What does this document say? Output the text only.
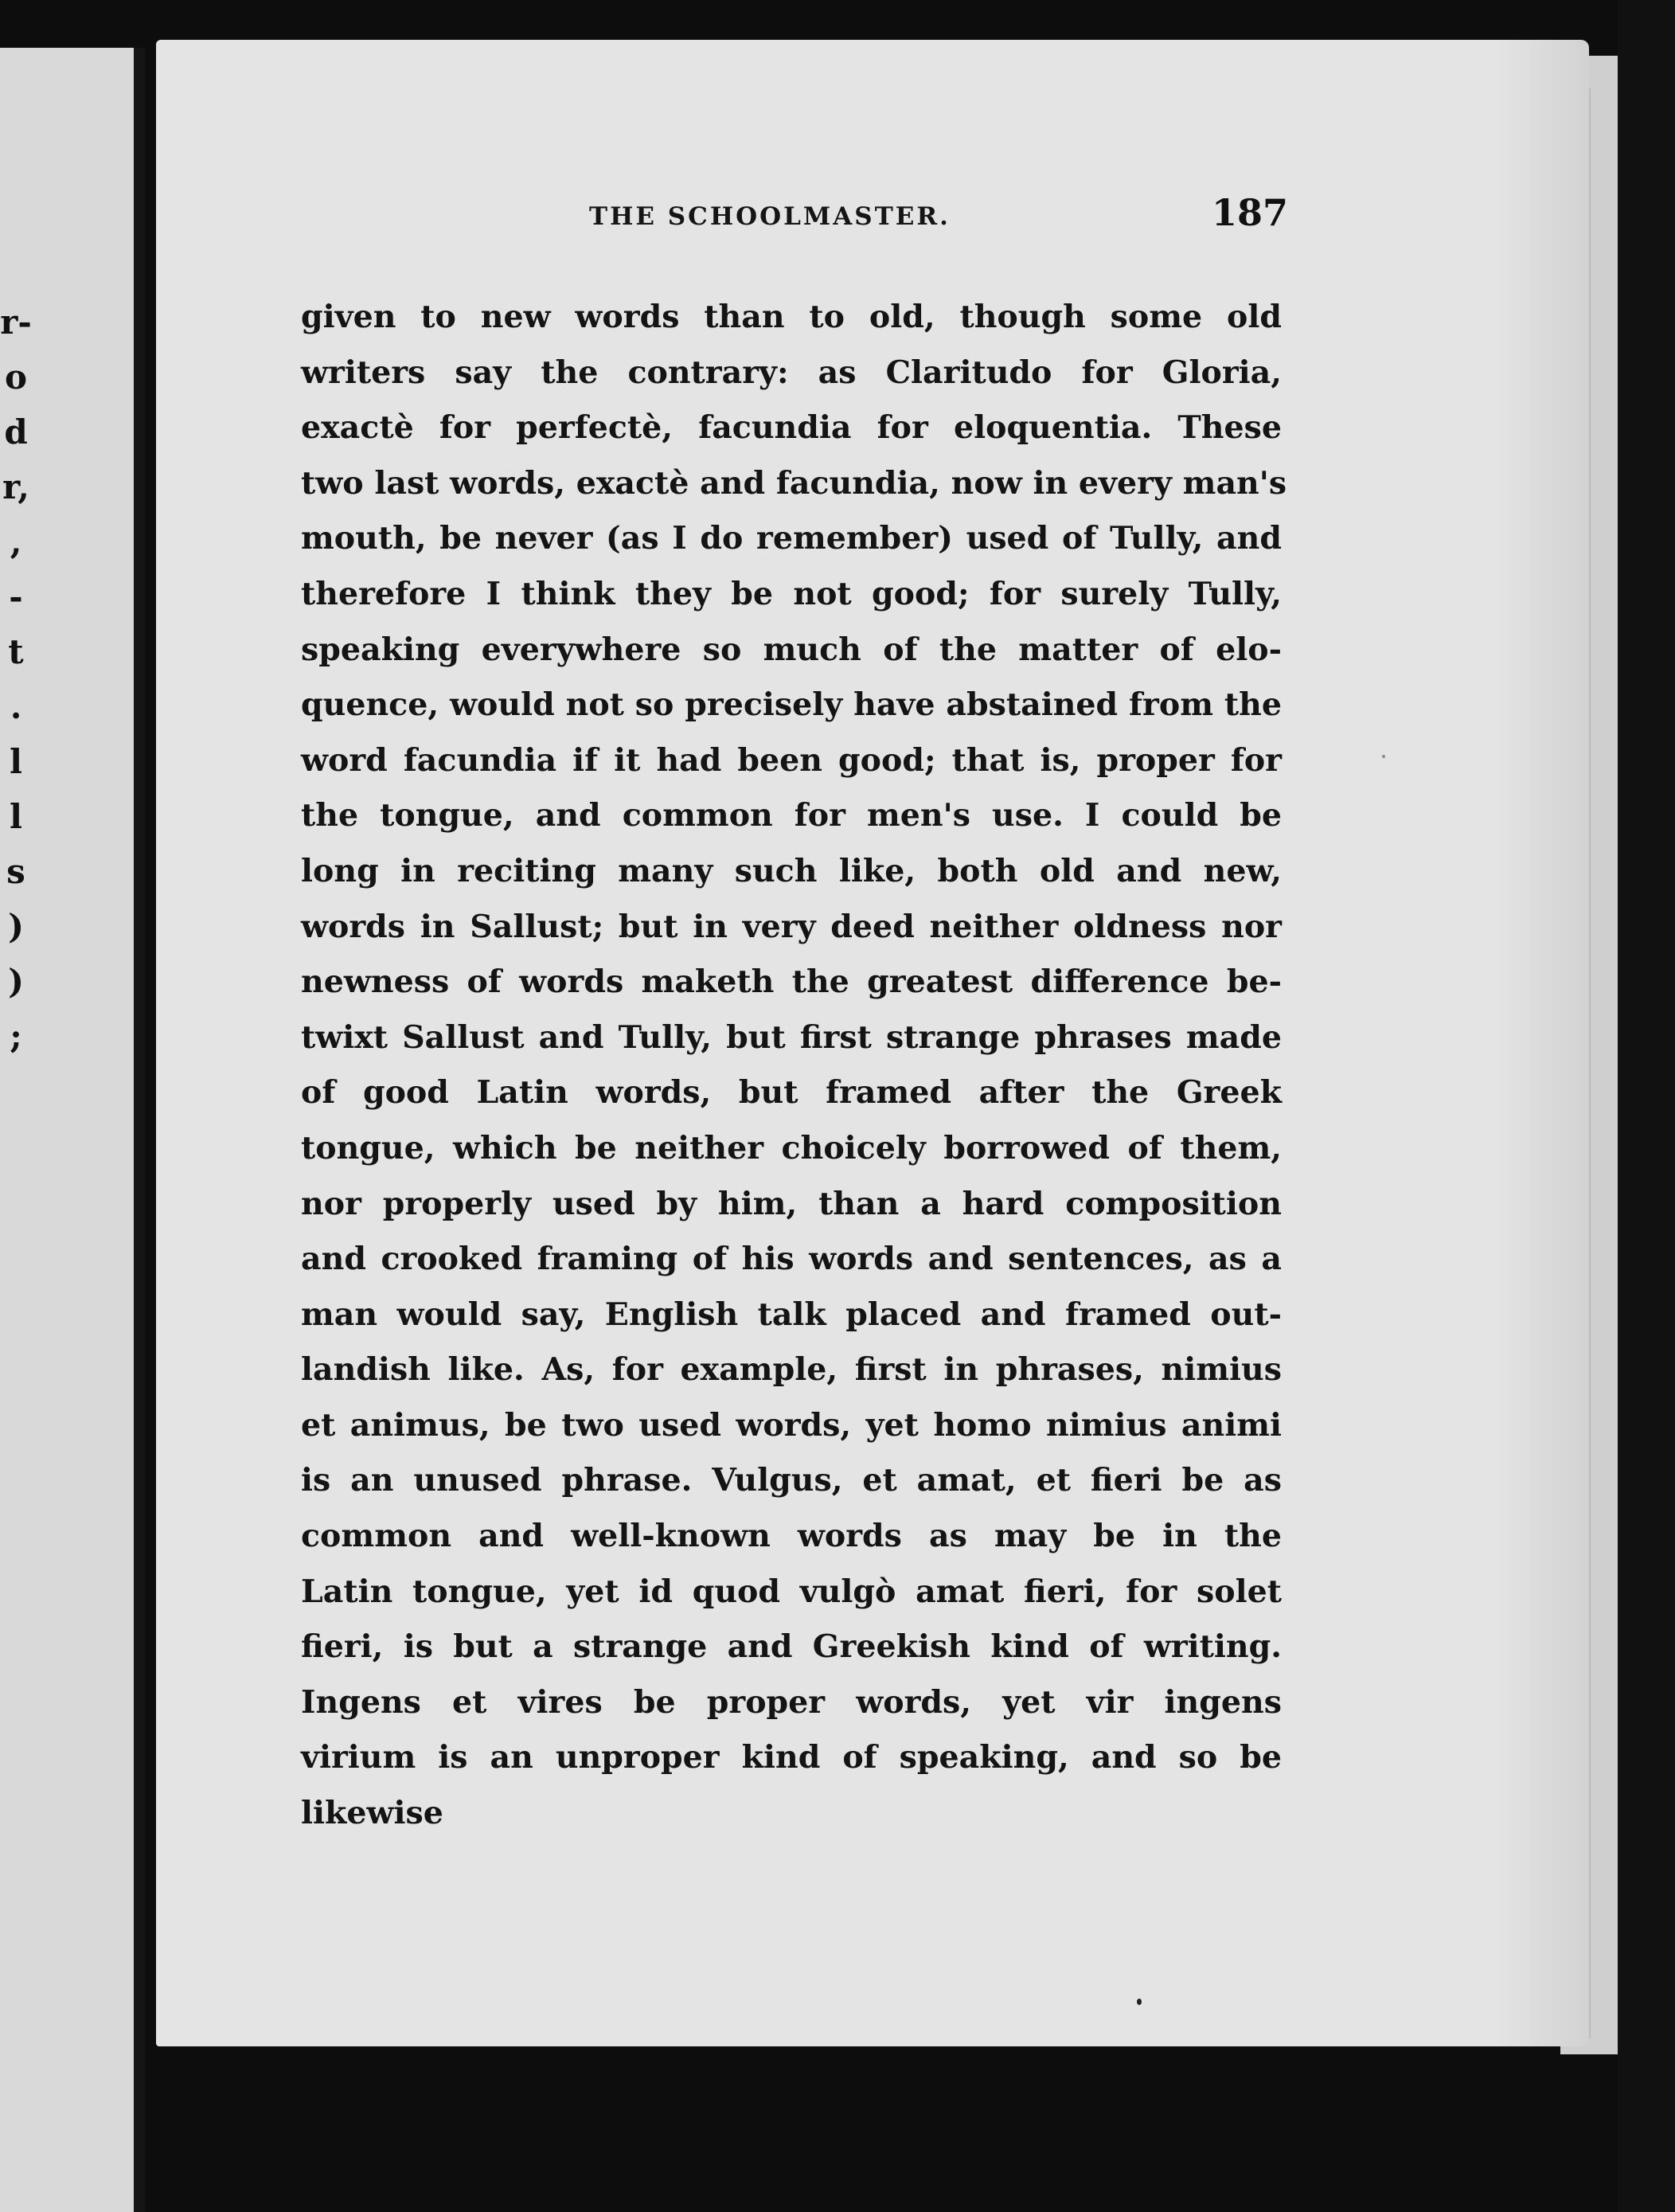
r-
o
d
r,
,
-
t
.
l
l
s
)
)
;
THE SCHOOLMASTER.	187
given to new words than to old, though some old
writers say the contrary: as Claritudo for Gloria,
exactè for perfectè, facundia for eloquentia. These
two last words, exactè and facundia, now in every man's
mouth, be never (as I do remember) used of Tully, and
therefore I think they be not good; for surely Tully,
speaking everywhere so much of the matter of elo-
quence, would not so precisely have abstained from the
word facundia if it had been good; that is, proper for
the tongue, and common for men's use. I could be
long in reciting many such like, both old and new,
words in Sallust; but in very deed neither oldness nor
newness of words maketh the greatest difference be-
twixt Sallust and Tully, but first strange phrases made
of good Latin words, but framed after the Greek
tongue, which be neither choicely borrowed of them,
nor properly used by him, than a hard composition
and crooked framing of his words and sentences, as a
man would say, English talk placed and framed out-
landish like. As, for example, first in phrases, nimius
et animus, be two used words, yet homo nimius animi
is an unused phrase. Vulgus, et amat, et fieri be as
common and well-known words as may be in the
Latin tongue, yet id quod vulgò amat fieri, for solet
fieri, is but a strange and Greekish kind of writing.
Ingens et vires be proper words, yet vir ingens
virium is an unproper kind of speaking, and so be
likewise
